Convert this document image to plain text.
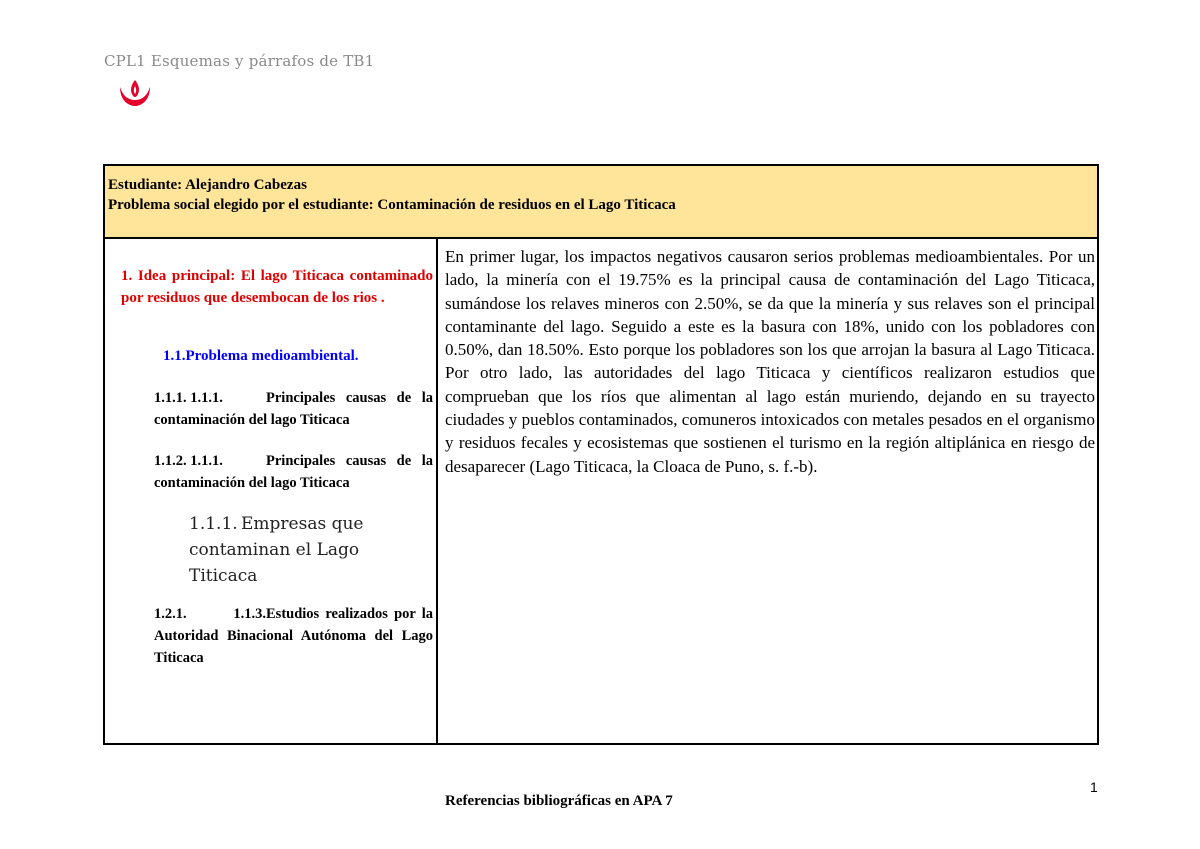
CPL1 Esquemas y párrafos de TB1
Estudiante: Alejandro Cabezas
Problema social elegido por el estudiante: Contaminación de residuos en el Lago Titicaca
1. Idea principal: El lago Titicaca contaminado por residuos que desembocan de los rios .
1.1.Problema medioambiental.
1.1.1. 1.1.1.	Principales causas de la contaminación del lago Titicaca
1.1.2. 1.1.1.	Principales causas de la contaminación del lago Titicaca
1.1.1. Empresas que contaminan el Lago Titicaca
1.2.1. 1.1.3.Estudios realizados por la Autoridad Binacional Autónoma del Lago Titicaca
En primer lugar, los impactos negativos causaron serios problemas medioambientales. Por un lado, la minería con el 19.75% es la principal causa de contaminación del Lago Titicaca, sumándose los relaves mineros con 2.50%, se da que la minería y sus relaves son el principal contaminante del lago. Seguido a este es la basura con 18%, unido con los pobladores con 0.50%, dan 18.50%. Esto porque los pobladores son los que arrojan la basura al Lago Titicaca. Por otro lado, las autoridades del lago Titicaca y científicos realizaron estudios que comprueban que los ríos que alimentan al lago están muriendo, dejando en su trayecto ciudades y pueblos contaminados, comuneros intoxicados con metales pesados en el organismo y residuos fecales y ecosistemas que sostienen el turismo en la región altiplánica en riesgo de desaparecer (Lago Titicaca, la Cloaca de Puno, s. f.-b).
Referencias bibliográficas en APA 7
1
